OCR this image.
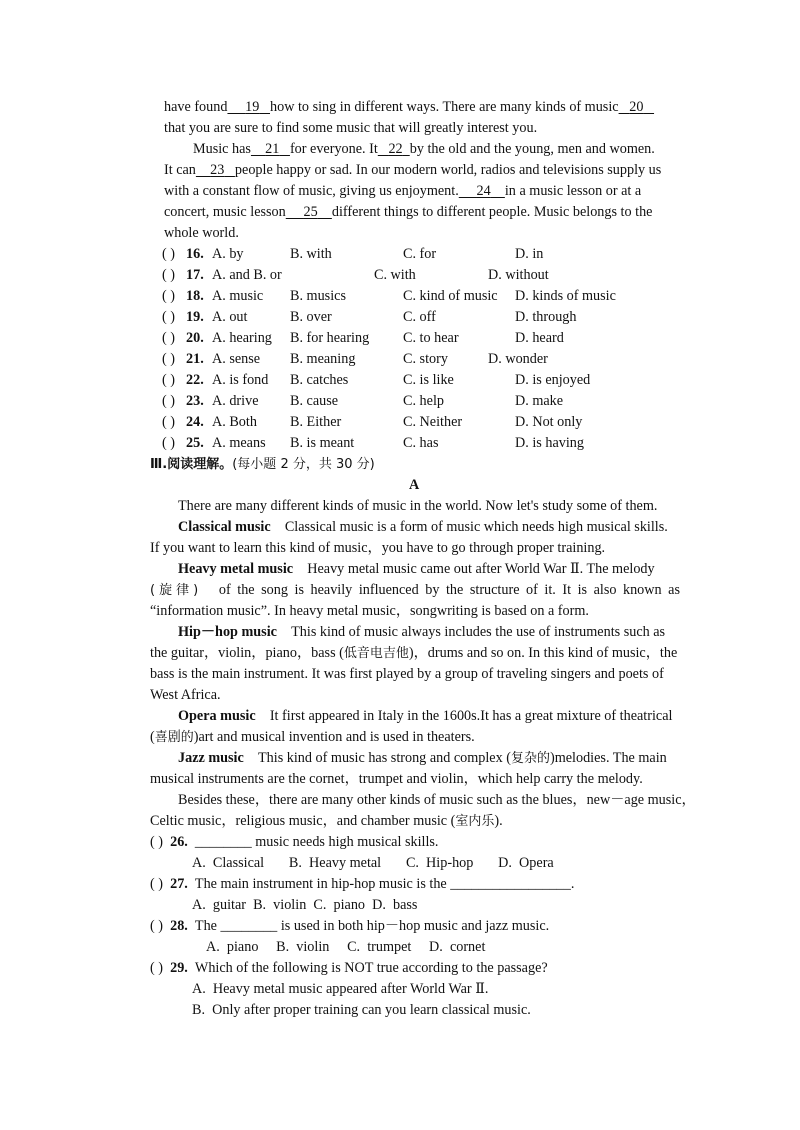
have found 19 how to sing in different ways. There are many kinds of music 20
that you are sure to find some music that will greatly interest you.
Music has 21 for everyone. It 22 by the old and the young, men and women.
It can 23 people happy or sad. In our modern world, radios and televisions supply us
with a constant flow of music, giving us enjoyment. 24 in a music lesson or at a
concert, music lesson 25 different things to different people. Music belongs to the
whole world.
( ) 16. A. by	B. with	C. for	D. in
( ) 17. A. and B. or	C. with	D. without
( ) 18. A. music B. musics	C. kind of music D. kinds of music
( ) 19. A. out	B. over	C. off	D. through
( ) 20. A. hearing B. for hearing C. to hear	D. heard
( ) 21. A. sense B. meaning	C. story	D. wonder
( ) 22. A. is fond B. catches	C. is like	D. is enjoyed
( ) 23. A. drive B. cause	C. help	D. make
( ) 24. A. Both B. Either	C. Neither	D. Not only
( ) 25. A. means B. is meant	C. has	D. is having
Ⅲ.阅读理解。(每小题 2 分，共 30 分)
A
There are many different kinds of music in the world. Now let's study some of them.
Classical music Classical music is a form of music which needs high musical skills.
If you want to learn this kind of music，you have to go through proper training.
Heavy metal music Heavy metal music came out after World War Ⅱ. The melody
(旋律) of the song is heavily influenced by the structure of it. It is also known as
“information music”. In heavy metal music，songwriting is based on a form.
Hip－hop music This kind of music always includes the use of instruments such as
the guitar，violin，piano，bass (低音电吉他)，drums and so on. In this kind of music，the
bass is the main instrument. It was first played by a group of traveling singers and poets of
West Africa.
Opera music It first appeared in Italy in the 1600s.It has a great mixture of theatrical
(喜剧的)art and musical invention and is used in theaters.
Jazz music This kind of music has strong and complex (复杂的)melodies. The main
musical instruments are the cornet，trumpet and violin，which help carry the melody.
Besides these，there are many other kinds of music such as the blues，new－age music，
Celtic music，religious music，and chamber music (室内乐).
( ) 26. ________ music needs high musical skills.
A.  Classical       B.  Heavy metal       C.  Hip-hop       D.  Opera
( ) 27. The main instrument in hip-hop music is the _________________.
A.  guitar  B.  violin  C.  piano  D.  bass
( ) 28. The ________ is used in both hip－hop music and jazz music.
A.  piano     B.  violin     C.  trumpet     D.  cornet
( ) 29. Which of the following is NOT true according to the passage?
A.  Heavy metal music appeared after World War Ⅱ.
B.  Only after proper training can you learn classical music.
